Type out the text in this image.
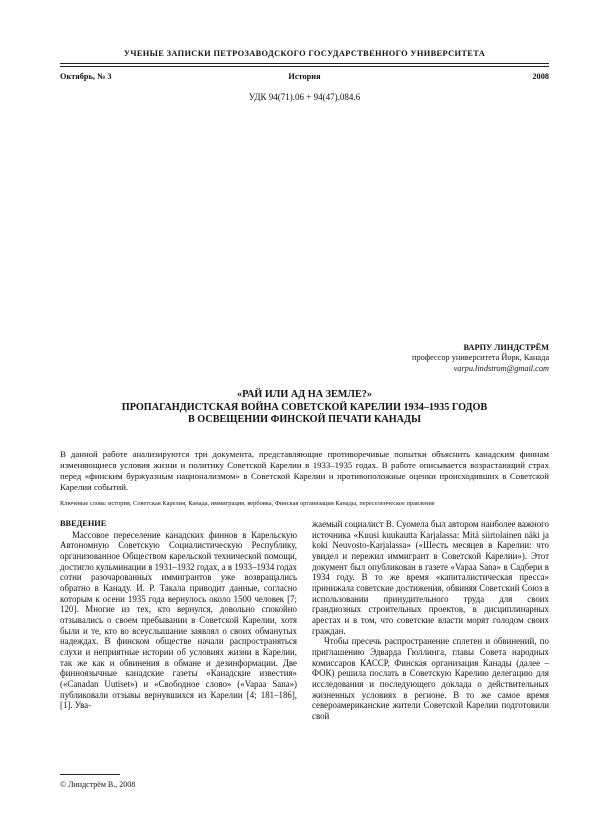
УЧЕНЫЕ ЗАПИСКИ ПЕТРОЗАВОДСКОГО ГОСУДАРСТВЕННОГО УНИВЕРСИТЕТА
История
Октябрь, № 3	2008
УДК 94(71).06 + 94(47).084.6
ВАРПУ ЛИНДСТРЁМ
профессор университета Йорк, Канада
varpu.lindstrom@gmail.com
«РАЙ ИЛИ АД НА ЗЕМЛЕ?»
ПРОПАГАНДИСТСКАЯ ВОЙНА СОВЕТСКОЙ КАРЕЛИИ 1934–1935 ГОДОВ
В ОСВЕЩЕНИИ ФИНСКОЙ ПЕЧАТИ КАНАДЫ

В данной работе анализируются три документа, представляющие противоречивые попытки объяснить канадским финнам изменяющиеся условия жизни и политику Советской Карелии в 1933–1935 годах. В работе описывается возрастающий страх перед «финским буржуазным национализмом» в Советской Карелии и противоположные оценки происходивших в Советской Карелии событий.

Ключевые слова: история, Советская Карелия, Канада, иммиграция, вербовка, Финская организация Канады, переселенческое правление

ВВЕДЕНИЕ

Массовое переселение канадских финнов в Карельскую Автономную Советскую Социалистическую Республику, организованное Обществом карельской технической помощи, достигло кульминации в 1931–1932 годах, а в 1933–1934 годах сотни разочарованных иммигрантов уже возвращались обратно в Канаду. И. Р. Такала приводит данные, согласно которым к осени 1935 года вернулось около 1500 человек [7; 120]. Многие из тех, кто вернулся, довольно спокойно отзывались о своем пребывании в Советской Карелии, хотя были и те, кто во всеуслышание заявлял о своих обманутых надеждах. В финском обществе начали распространяться слухи и неприятные истории об условиях жизни в Карелии, так же как и обвинения в обмане и дезинформации. Две финноязычные канадские газеты «Канадские известия» («Canadan Uutiset») и «Свободное слово» («Vapaa Sana») публиковали отзывы вернувшихся из Карелии [4; 181–186], [1]. Ува-

жаемый социалист В. Суомела был автором наиболее важного источника «Kuusi kuukautta Karjalassa: Mitä siirtolainen näki ja koki Neuvosto-Karjalassa» («Шесть месяцев в Карелии: что увидел и пережил иммигрант в Советской Карелии»). Этот документ был опубликован в газете «Vapaa Sana» в Садбери в 1934 году. В то же время «капиталистическая пресса» принижала советские достижения, обвиняя Советский Союз в использовании принудительного труда для своих грандиозных строительных проектов, в дисциплинарных арестах и в том, что советские власти морят голодом своих граждан.

Чтобы пресечь распространение сплетен и обвинений, по приглашению Эдварда Гюллинга, главы Совета народных комиссаров КАССР, Финская организация Канады (далее – ФОК) решила послать в Советскую Карелию делегацию для исследования и последующего доклада о действительных жизненных условиях в регионе. В то же самое время североамериканские жители Советской Карелии подготовили свой

© Линдстрём В., 2008
